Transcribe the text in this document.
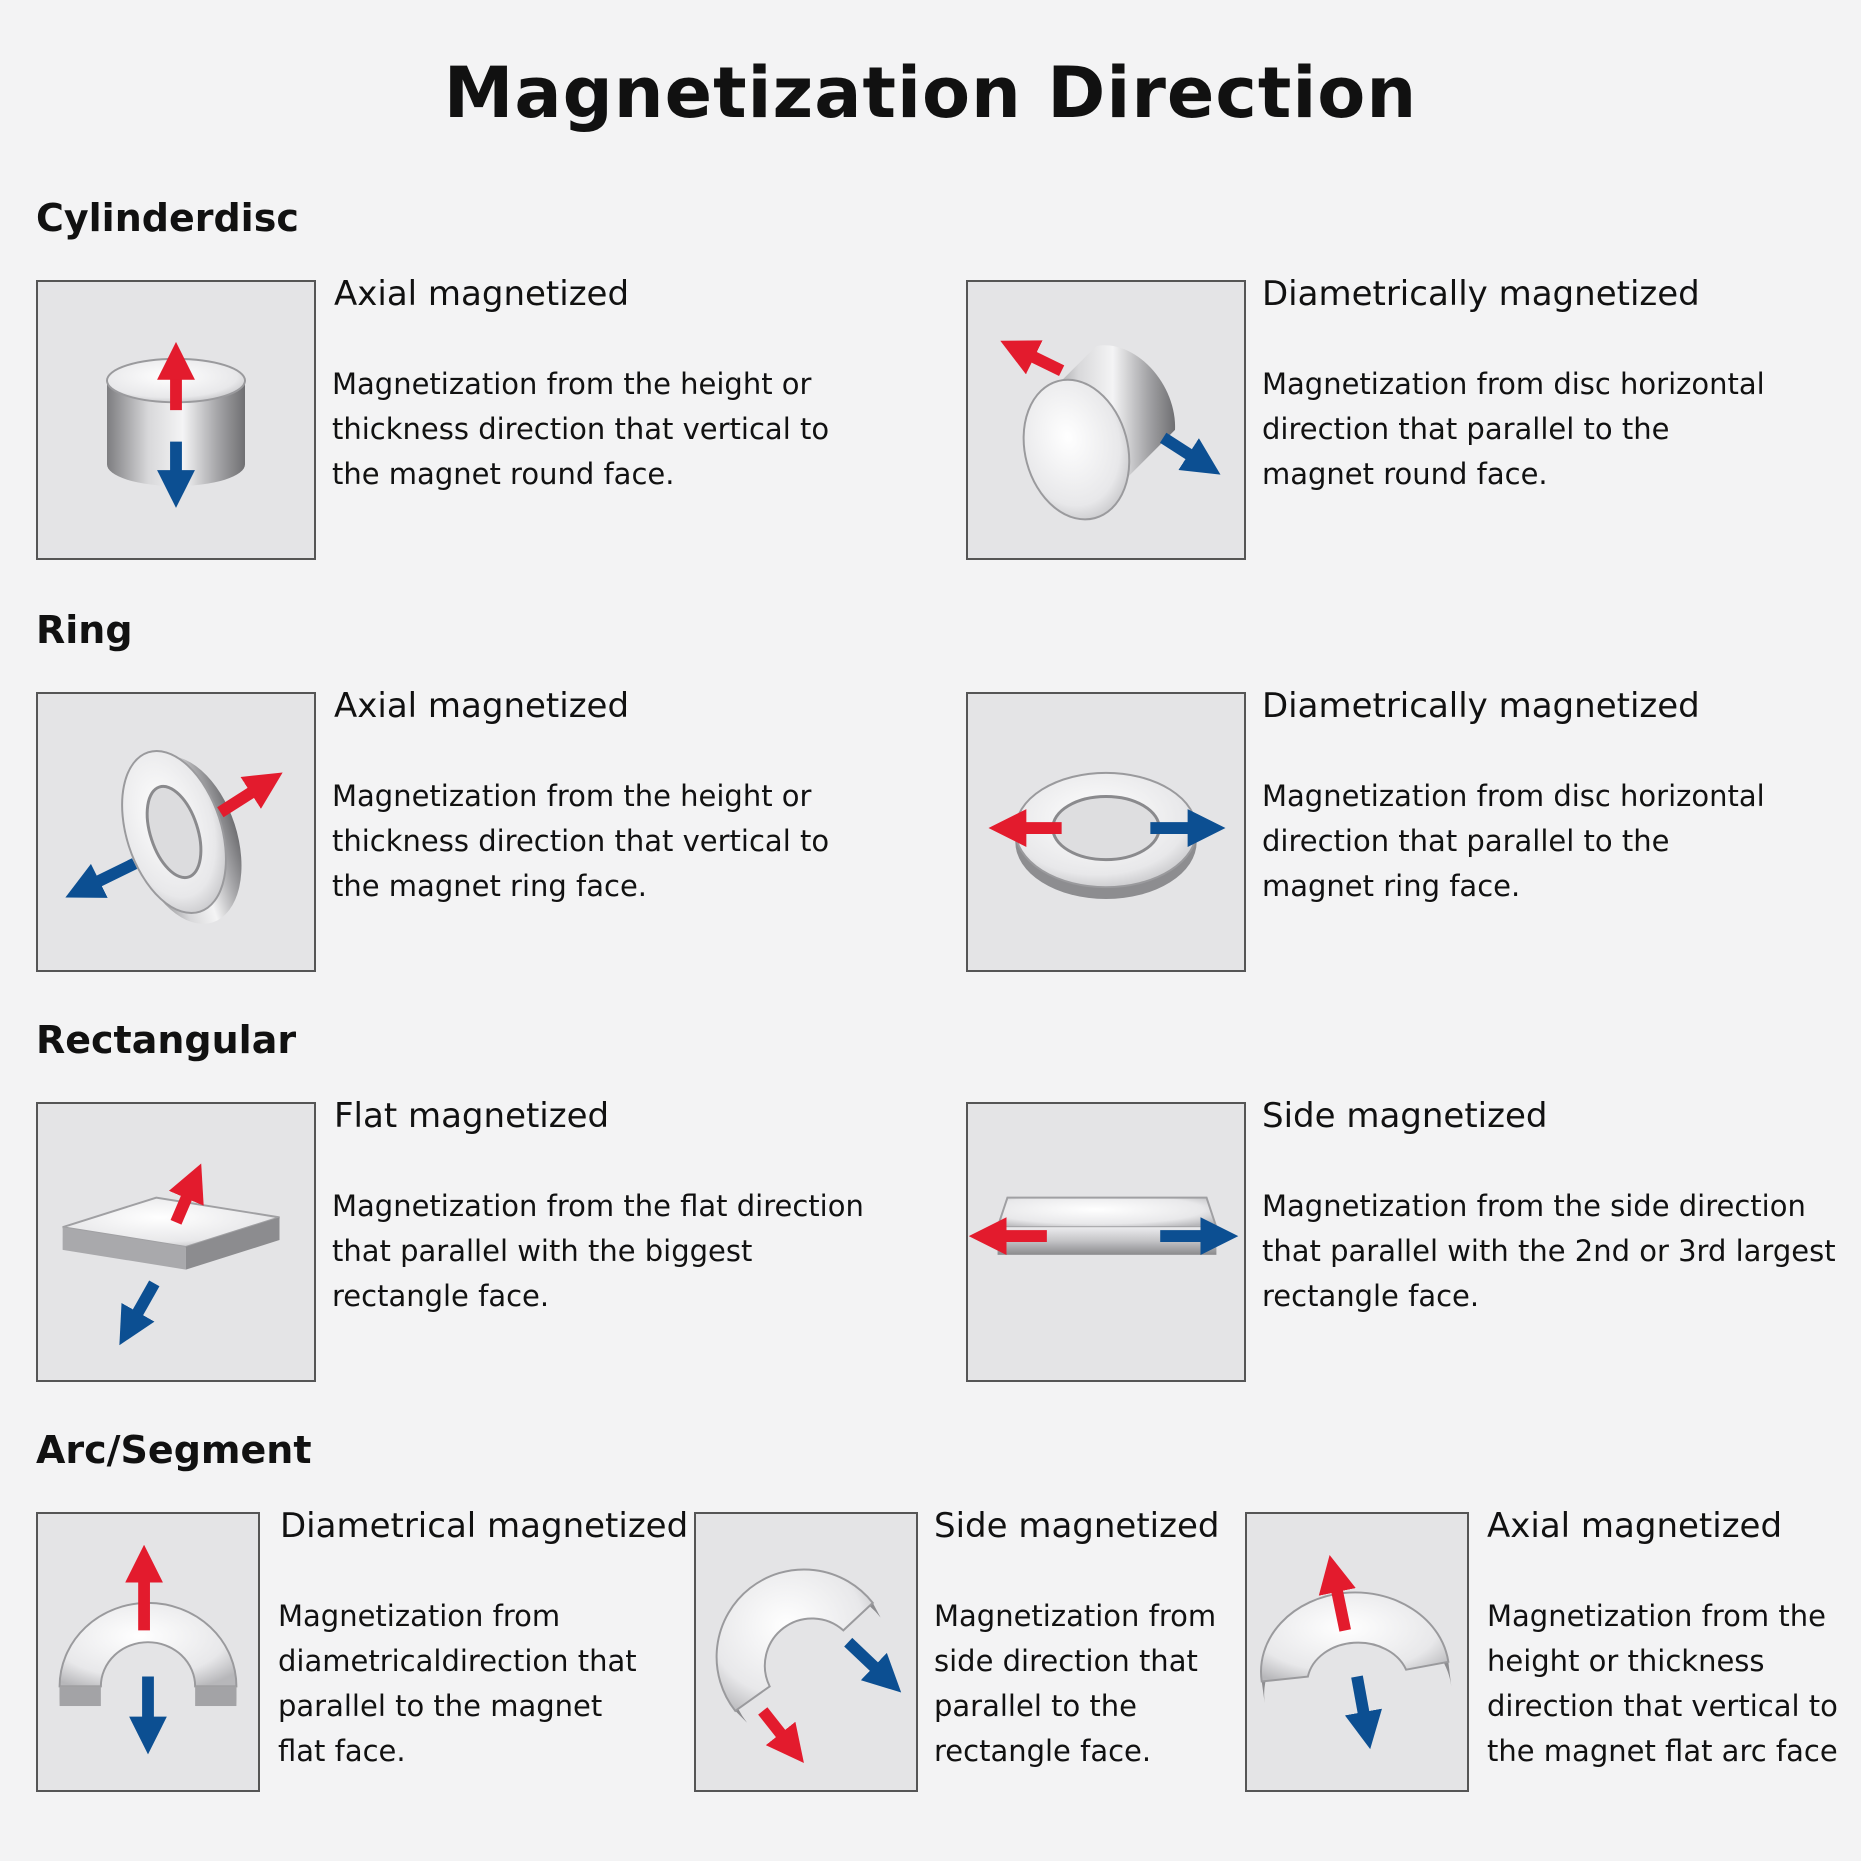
Magnetization Direction
Cylinderdisc
Axial magnetized
Magnetization from the height or
thickness direction that vertical to
the magnet round face.
Diametrically magnetized
Magnetization from disc horizontal
direction that parallel to the
magnet round face.
Ring
Axial magnetized
Magnetization from the height or
thickness direction that vertical to
the magnet ring face.
Diametrically magnetized
Magnetization from disc horizontal
direction that parallel to the
magnet ring face.
Rectangular
Flat magnetized
Magnetization from the flat direction
that parallel with the biggest
rectangle face.
Side magnetized
Magnetization from the side direction
that parallel with the 2nd or 3rd largest
rectangle face.
Arc/Segment
Diametrical magnetized
Magnetization from
diametricaldirection that
parallel to the magnet
flat face.
Side magnetized
Magnetization from
side direction that
parallel to the
rectangle face.
Axial magnetized
Magnetization from the
height or thickness
direction that vertical to
the magnet flat arc face
